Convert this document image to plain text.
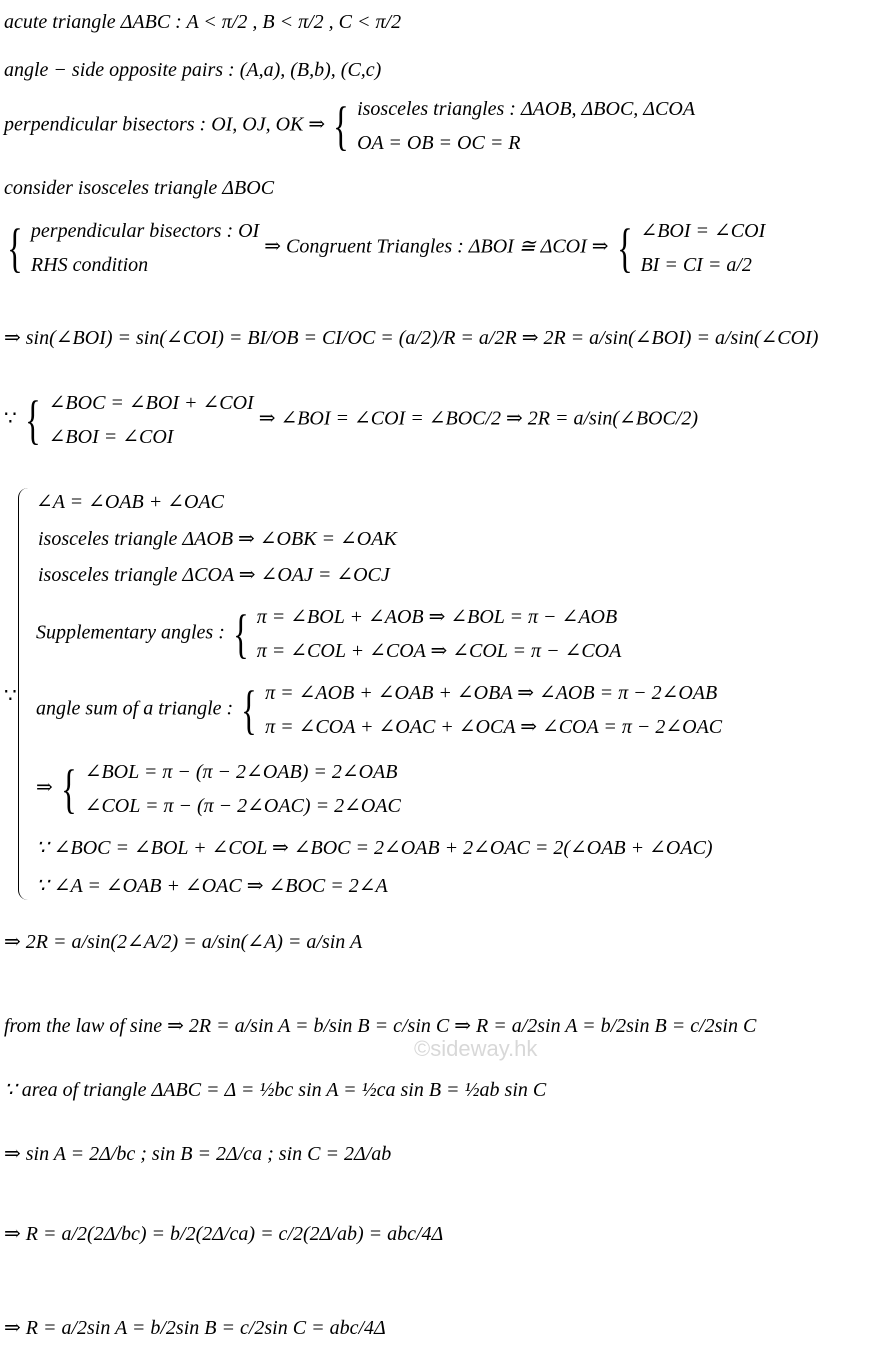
acute triangle ΔABC : A < π/2 , B < π/2 , C < π/2
angle − side opposite pairs : (A,a), (B,b), (C,c)
perpendicular bisectors : OI, OJ, OK ⇒ { isosceles triangles : ΔAOB, ΔBOC, ΔCOA
OA = OB = OC = R
consider isosceles triangle ΔBOC
{ perpendicular bisectors : OI
RHS condition
⇒ Congruent Triangles : ΔBOI ≅ ΔCOI ⇒ { ∠BOI = ∠COI
BI = CI = a/2
⇒ sin(∠BOI) = sin(∠COI) = BI/OB = CI/OC = (a/2)/R = a/2R ⇒ 2R = a/sin(∠BOI) = a/sin(∠COI)
∵ { ∠BOC = ∠BOI + ∠COI
∠BOI = ∠COI
⇒ ∠BOI = ∠COI = ∠BOC/2 ⇒ 2R = a/sin(∠BOC/2)
∵
∠A = ∠OAB + ∠OAC
isosceles triangle ΔAOB ⇒ ∠OBK = ∠OAK
isosceles triangle ΔCOA ⇒ ∠OAJ = ∠OCJ
Supplementary angles : { π = ∠BOL + ∠AOB ⇒ ∠BOL = π − ∠AOB
π = ∠COL + ∠COA ⇒ ∠COL = π − ∠COA
angle sum of a triangle : { π = ∠AOB + ∠OAB + ∠OBA ⇒ ∠AOB = π − 2∠OAB
π = ∠COA + ∠OAC + ∠OCA ⇒ ∠COA = π − 2∠OAC
⇒ { ∠BOL = π − (π − 2∠OAB) = 2∠OAB
∠COL = π − (π − 2∠OAC) = 2∠OAC
∵ ∠BOC = ∠BOL + ∠COL ⇒ ∠BOC = 2∠OAB + 2∠OAC = 2(∠OAB + ∠OAC)
∵ ∠A = ∠OAB + ∠OAC ⇒ ∠BOC = 2∠A
⇒ 2R = a/sin(2∠A/2) = a/sin(∠A) = a/sin A
from the law of sine ⇒ 2R = a/sin A = b/sin B = c/sin C ⇒ R = a/2sin A = b/2sin B = c/2sin C
∵ area of triangle ΔABC = Δ = ½bc sin A = ½ca sin B = ½ab sin C
⇒ sin A = 2Δ/bc ; sin B = 2Δ/ca ; sin C = 2Δ/ab
⇒ R = a/2(2Δ/bc) = b/2(2Δ/ca) = c/2(2Δ/ab) = abc/4Δ
⇒ R = a/2sin A = b/2sin B = c/2sin C = abc/4Δ
©sideway.hk
